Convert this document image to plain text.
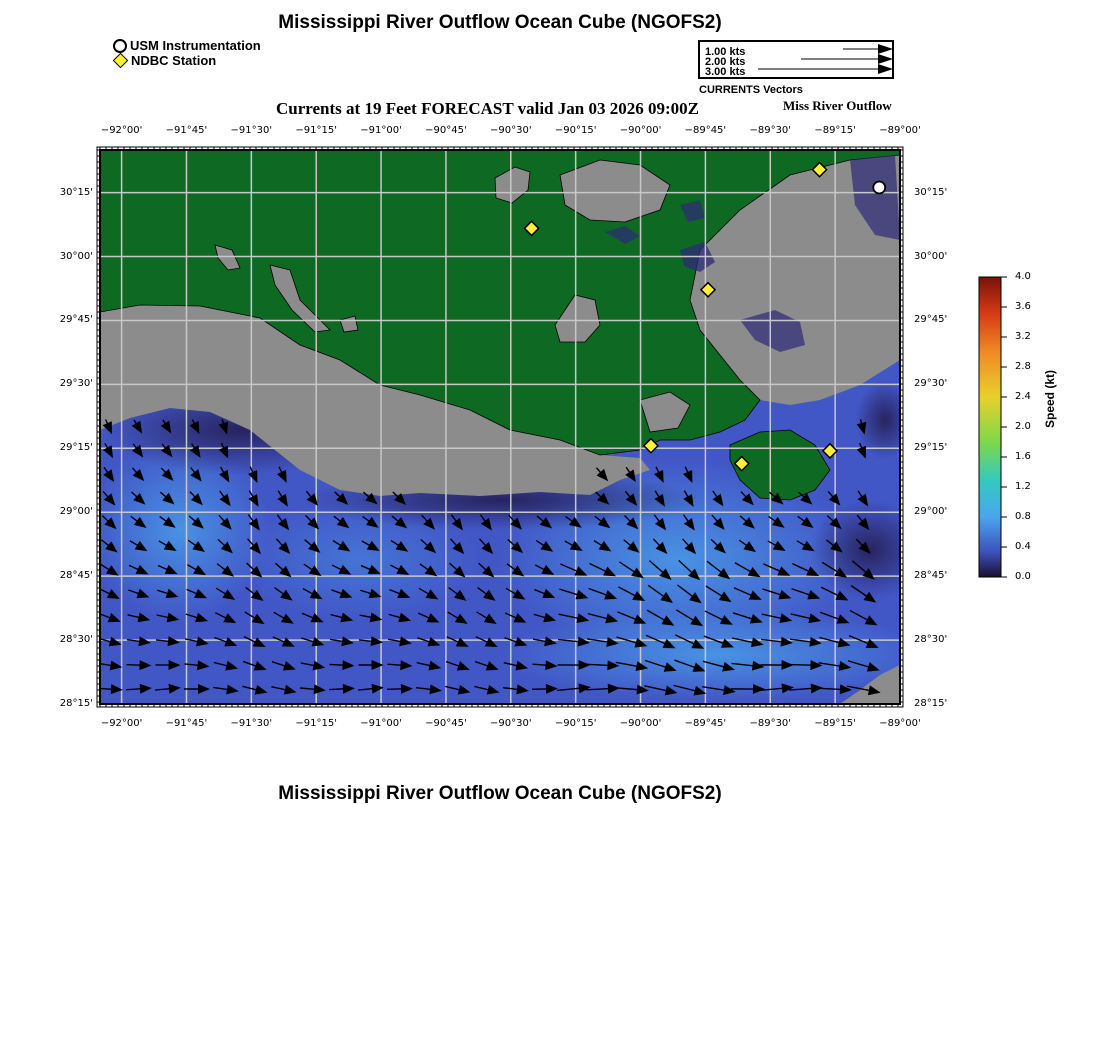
Mississippi River Outflow Ocean Cube (NGOFS2)
USM Instrumentation
NDBC Station
1.00 kts
2.00 kts
3.00 kts
CURRENTS Vectors
Currents at 19 Feet FORECAST valid Jan 03 2026 09:00Z	Miss River Outflow
−92°00'	−91°45'	−91°30'	−91°15'	−91°00'	−90°45'	−90°30'	−90°15'	−90°00'	−89°45'	−89°30'	−89°15'	−89°00'
−92°00'	−91°45'	−91°30'	−91°15'	−91°00'	−90°45'	−90°30'	−90°15'	−90°00'	−89°45'	−89°30'	−89°15'	−89°00'
30°15'
30°00'
29°45'
29°30'
29°15'
29°00'
28°45'
28°30'
28°15'
30°15'
30°00'
29°45'
29°30'
29°15'
29°00'
28°45'
28°30'
28°15'
4.0
3.6
3.2
2.8
2.4
2.0
1.6
1.2
0.8
0.4
0.0
Speed (kt)
Mississippi River Outflow Ocean Cube (NGOFS2)
